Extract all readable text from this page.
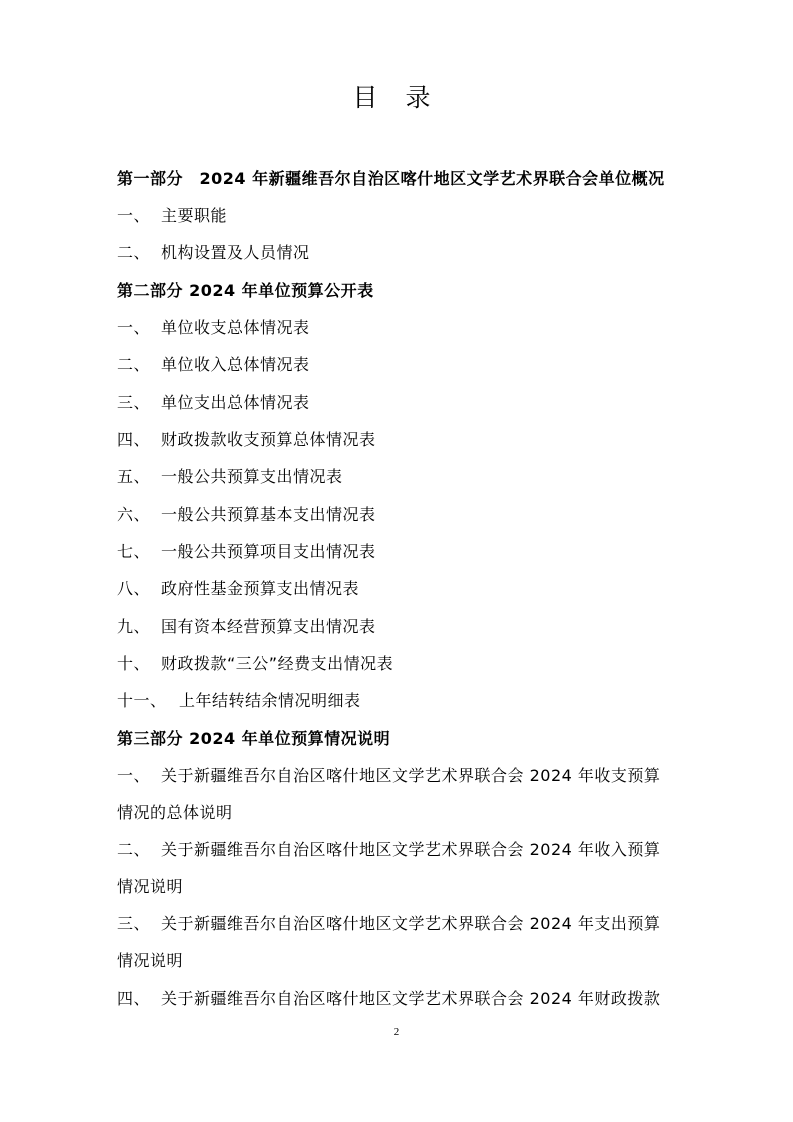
目 录
第一部分　2024 年新疆维吾尔自治区喀什地区文学艺术界联合会单位概况
一、 主要职能
二、 机构设置及人员情况
第二部分 2024 年单位预算公开表
一、 单位收支总体情况表
二、 单位收入总体情况表
三、 单位支出总体情况表
四、 财政拨款收支预算总体情况表
五、 一般公共预算支出情况表
六、 一般公共预算基本支出情况表
七、 一般公共预算项目支出情况表
八、 政府性基金预算支出情况表
九、 国有资本经营预算支出情况表
十、 财政拨款“三公”经费支出情况表
十一、 上年结转结余情况明细表
第三部分 2024 年单位预算情况说明
一、 关于新疆维吾尔自治区喀什地区文学艺术界联合会 2024 年收支预算
情况的总体说明
二、 关于新疆维吾尔自治区喀什地区文学艺术界联合会 2024 年收入预算
情况说明
三、 关于新疆维吾尔自治区喀什地区文学艺术界联合会 2024 年支出预算
情况说明
四、 关于新疆维吾尔自治区喀什地区文学艺术界联合会 2024 年财政拨款
2
